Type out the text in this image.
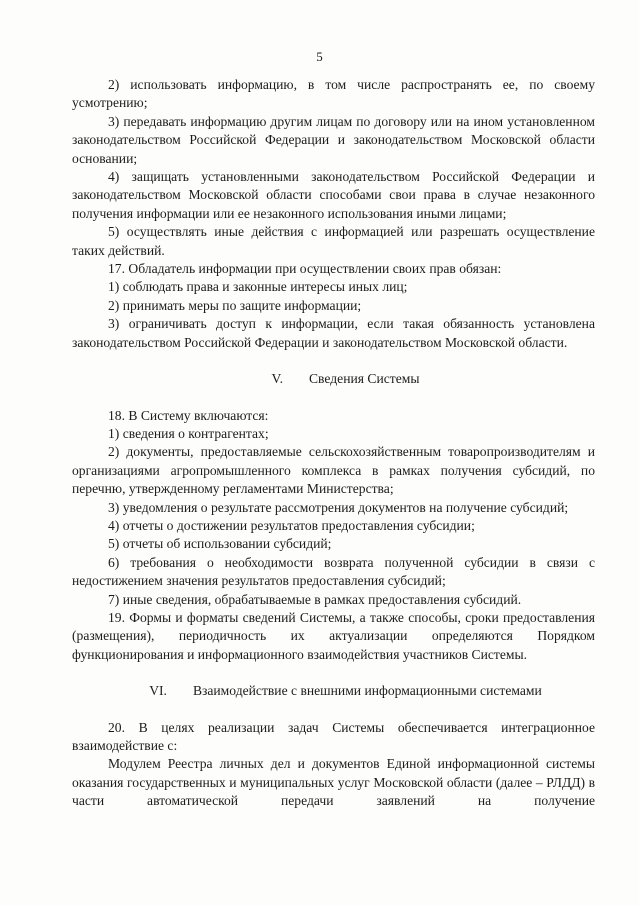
5

2) использовать информацию, в том числе распространять ее, по своему усмотрению;

3) передавать информацию другим лицам по договору или на ином установленном законодательством Российской Федерации и законодательством Московской области основании;

4) защищать установленными законодательством Российской Федерации и законодательством Московской области способами свои права в случае незаконного получения информации или ее незаконного использования иными лицами;

5) осуществлять иные действия с информацией или разрешать осуществление таких действий.

17. Обладатель информации при осуществлении своих прав обязан:

1) соблюдать права и законные интересы иных лиц;

2) принимать меры по защите информации;

3) ограничивать доступ к информации, если такая обязанность установлена законодательством Российской Федерации и законодательством Московской области.

V. Сведения Системы

18. В Систему включаются:

1) сведения о контрагентах;

2) документы, предоставляемые сельскохозяйственным товаропроизводителям и организациями агропромышленного комплекса в рамках получения субсидий, по перечню, утвержденному регламентами Министерства;

3) уведомления о результате рассмотрения документов на получение субсидий;

4) отчеты о достижении результатов предоставления субсидии;

5) отчеты об использовании субсидий;

6) требования о необходимости возврата полученной субсидии в связи с недостижением значения результатов предоставления субсидий;

7) иные сведения, обрабатываемые в рамках предоставления субсидий.

19. Формы и форматы сведений Системы, а также способы, сроки предоставления (размещения), периодичность их актуализации определяются Порядком функционирования и информационного взаимодействия участников Системы.

VI. Взаимодействие с внешними информационными системами

20. В целях реализации задач Системы обеспечивается интеграционное взаимодействие с:

Модулем Реестра личных дел и документов Единой информационной системы оказания государственных и муниципальных услуг Московской области (далее – РЛДД) в части автоматической передачи заявлений на получение
